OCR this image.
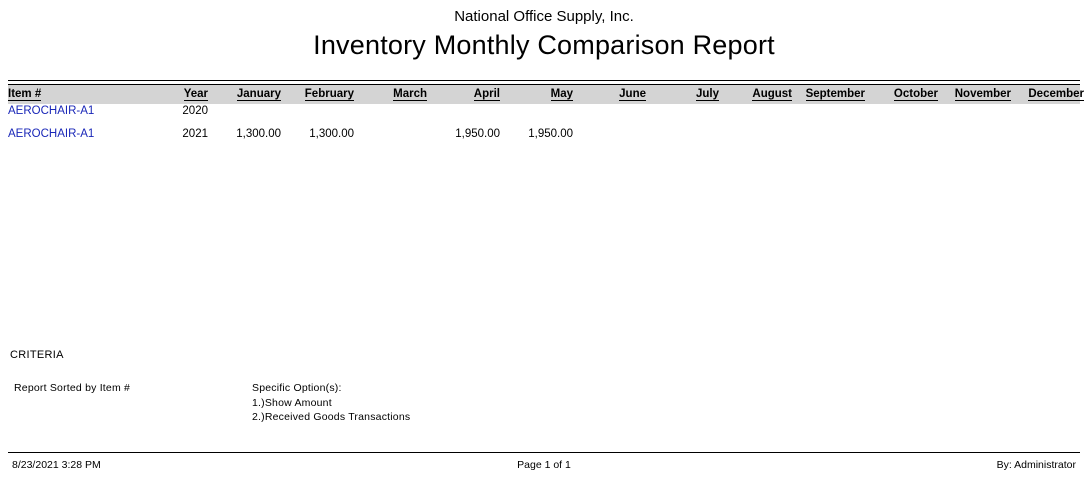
National Office Supply, Inc.
Inventory Monthly Comparison Report
Item #	Year	January	February	March	April	May	June	July	August	September	October	November	December
AEROCHAIR-A1	2020												
AEROCHAIR-A1	2021	1,300.00	1,300.00		1,950.00	1,950.00							
CRITERIA
Report Sorted by Item #	Specific Option(s):
1.)Show Amount
2.)Received Goods Transactions
8/23/2021 3:28 PM	Page 1 of 1	By: Administrator
